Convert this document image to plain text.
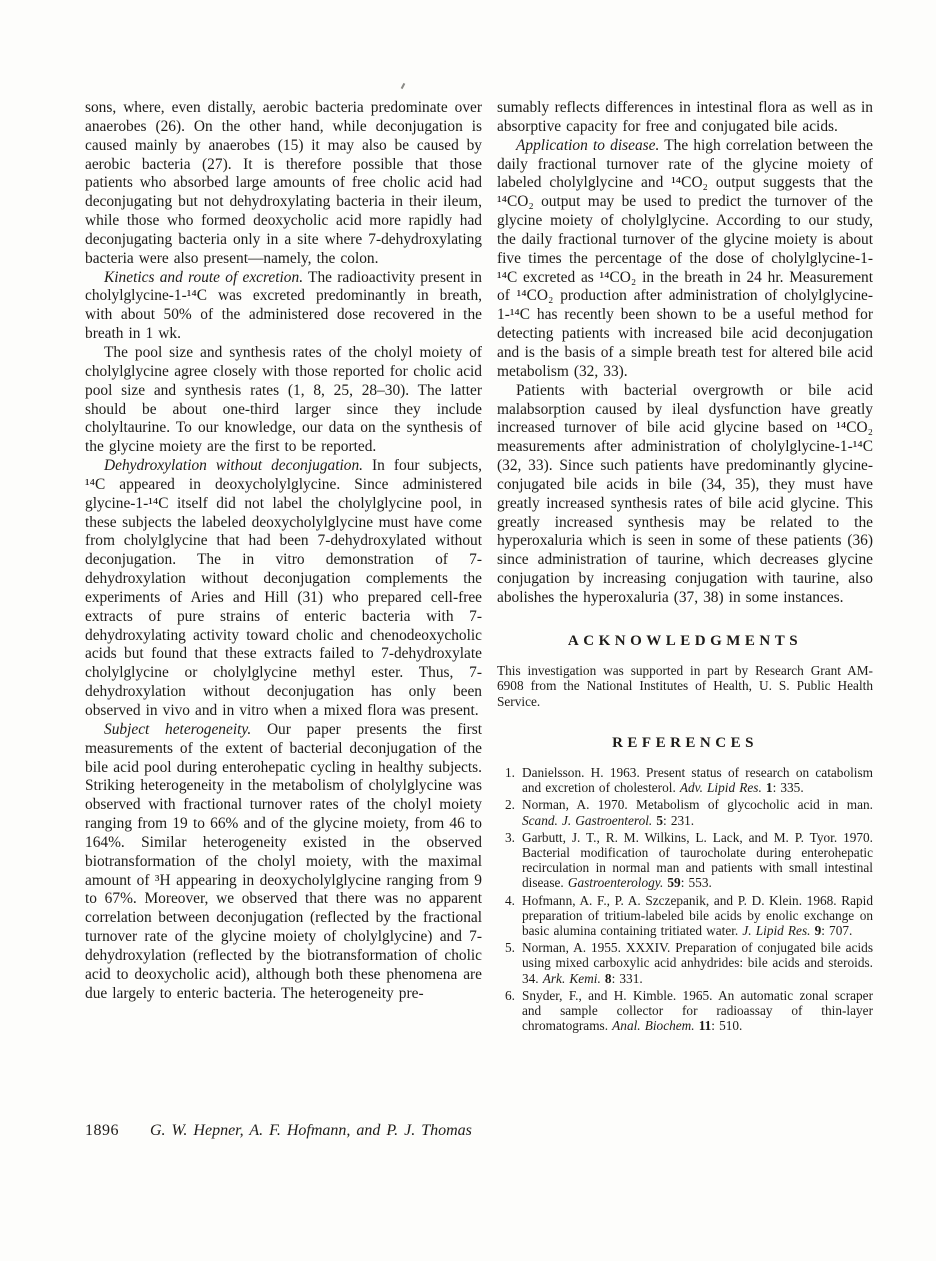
sons, where, even distally, aerobic bacteria predominate over anaerobes (26). On the other hand, while deconjugation is caused mainly by anaerobes (15) it may also be caused by aerobic bacteria (27). It is therefore possible that those patients who absorbed large amounts of free cholic acid had deconjugating but not dehydroxylating bacteria in their ileum, while those who formed deoxycholic acid more rapidly had deconjugating bacteria only in a site where 7-dehydroxylating bacteria were also present—namely, the colon.

Kinetics and route of excretion. The radioactivity present in cholylglycine-1-¹⁴C was excreted predominantly in breath, with about 50% of the administered dose recovered in the breath in 1 wk.

The pool size and synthesis rates of the cholyl moiety of cholylglycine agree closely with those reported for cholic acid pool size and synthesis rates (1, 8, 25, 28–30). The latter should be about one-third larger since they include cholyltaurine. To our knowledge, our data on the synthesis of the glycine moiety are the first to be reported.

Dehydroxylation without deconjugation. In four subjects, ¹⁴C appeared in deoxycholylglycine. Since administered glycine-1-¹⁴C itself did not label the cholylglycine pool, in these subjects the labeled deoxycholylglycine must have come from cholylglycine that had been 7-dehydroxylated without deconjugation. The in vitro demonstration of 7-dehydroxylation without deconjugation complements the experiments of Aries and Hill (31) who prepared cell-free extracts of pure strains of enteric bacteria with 7-dehydroxylating activity toward cholic and chenodeoxycholic acids but found that these extracts failed to 7-dehydroxylate cholylglycine or cholylglycine methyl ester. Thus, 7-dehydroxylation without deconjugation has only been observed in vivo and in vitro when a mixed flora was present.

Subject heterogeneity. Our paper presents the first measurements of the extent of bacterial deconjugation of the bile acid pool during enterohepatic cycling in healthy subjects. Striking heterogeneity in the metabolism of cholylglycine was observed with fractional turnover rates of the cholyl moiety ranging from 19 to 66% and of the glycine moiety, from 46 to 164%. Similar heterogeneity existed in the observed biotransformation of the cholyl moiety, with the maximal amount of ³H appearing in deoxycholylglycine ranging from 9 to 67%. Moreover, we observed that there was no apparent correlation between deconjugation (reflected by the fractional turnover rate of the glycine moiety of cholylglycine) and 7-dehydroxylation (reflected by the biotransformation of cholic acid to deoxycholic acid), although both these phenomena are due largely to enteric bacteria. The heterogeneity pre-

sumably reflects differences in intestinal flora as well as in absorptive capacity for free and conjugated bile acids.

Application to disease. The high correlation between the daily fractional turnover rate of the glycine moiety of labeled cholylglycine and ¹⁴CO₂ output suggests that the ¹⁴CO₂ output may be used to predict the turnover of the glycine moiety of cholylglycine. According to our study, the daily fractional turnover of the glycine moiety is about five times the percentage of the dose of cholylglycine-1-¹⁴C excreted as ¹⁴CO₂ in the breath in 24 hr. Measurement of ¹⁴CO₂ production after administration of cholylglycine-1-¹⁴C has recently been shown to be a useful method for detecting patients with increased bile acid deconjugation and is the basis of a simple breath test for altered bile acid metabolism (32, 33).

Patients with bacterial overgrowth or bile acid malabsorption caused by ileal dysfunction have greatly increased turnover of bile acid glycine based on ¹⁴CO₂ measurements after administration of cholylglycine-1-¹⁴C (32, 33). Since such patients have predominantly glycine-conjugated bile acids in bile (34, 35), they must have greatly increased synthesis rates of bile acid glycine. This greatly increased synthesis may be related to the hyperoxaluria which is seen in some of these patients (36) since administration of taurine, which decreases glycine conjugation by increasing conjugation with taurine, also abolishes the hyperoxaluria (37, 38) in some instances.

ACKNOWLEDGMENTS

This investigation was supported in part by Research Grant AM-6908 from the National Institutes of Health, U. S. Public Health Service.

REFERENCES
1. Danielsson. H. 1963. Present status of research on catabolism and excretion of cholesterol. Adv. Lipid Res. 1: 335.
2. Norman, A. 1970. Metabolism of glycocholic acid in man. Scand. J. Gastroenterol. 5: 231.
3. Garbutt, J. T., R. M. Wilkins, L. Lack, and M. P. Tyor. 1970. Bacterial modification of taurocholate during enterohepatic recirculation in normal man and patients with small intestinal disease. Gastroenterology. 59: 553.
4. Hofmann, A. F., P. A. Szczepanik, and P. D. Klein. 1968. Rapid preparation of tritium-labeled bile acids by enolic exchange on basic alumina containing tritiated water. J. Lipid Res. 9: 707.
5. Norman, A. 1955. XXXIV. Preparation of conjugated bile acids using mixed carboxylic acid anhydrides: bile acids and steroids. 34. Ark. Kemi. 8: 331.
6. Snyder, F., and H. Kimble. 1965. An automatic zonal scraper and sample collector for radioassay of thin-layer chromatograms. Anal. Biochem. 11: 510.
1896 G. W. Hepner, A. F. Hofmann, and P. J. Thomas
